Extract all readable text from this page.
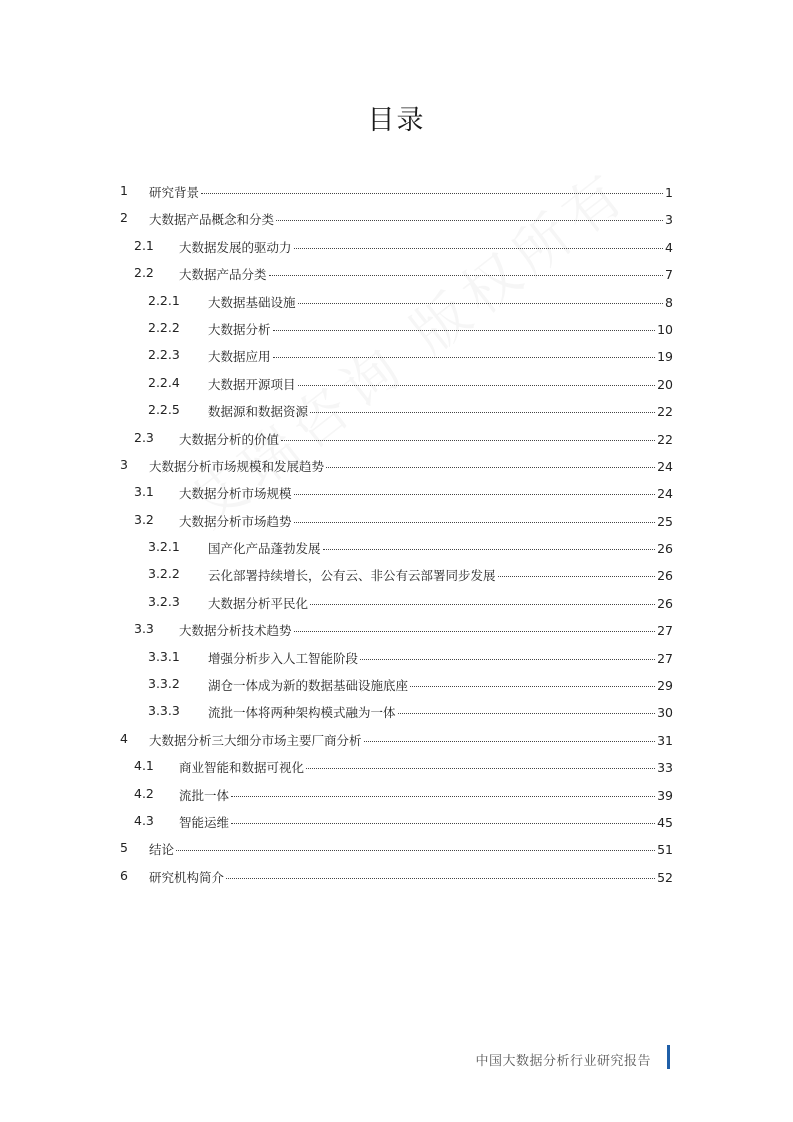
目录
1 研究背景	1
2 大数据产品概念和分类	3
2.1 大数据发展的驱动力	4
2.2 大数据产品分类	7
2.2.1 大数据基础设施	8
2.2.2 大数据分析	10
2.2.3 大数据应用	19
2.2.4 大数据开源项目	20
2.2.5 数据源和数据资源	22
2.3 大数据分析的价值	22
3 大数据分析市场规模和发展趋势	24
3.1 大数据分析市场规模	24
3.2 大数据分析市场趋势	25
3.2.1 国产化产品蓬勃发展	26
3.2.2 云化部署持续增长，公有云、非公有云部署同步发展	26
3.2.3 大数据分析平民化	26
3.3 大数据分析技术趋势	27
3.3.1 增强分析步入人工智能阶段	27
3.3.2 湖仓一体成为新的数据基础设施底座	29
3.3.3 流批一体将两种架构模式融为一体	30
4 大数据分析三大细分市场主要厂商分析	31
4.1 商业智能和数据可视化	33
4.2 流批一体	39
4.3 智能运维	45
5 结论	51
6 研究机构简介	52
中国大数据分析行业研究报告
